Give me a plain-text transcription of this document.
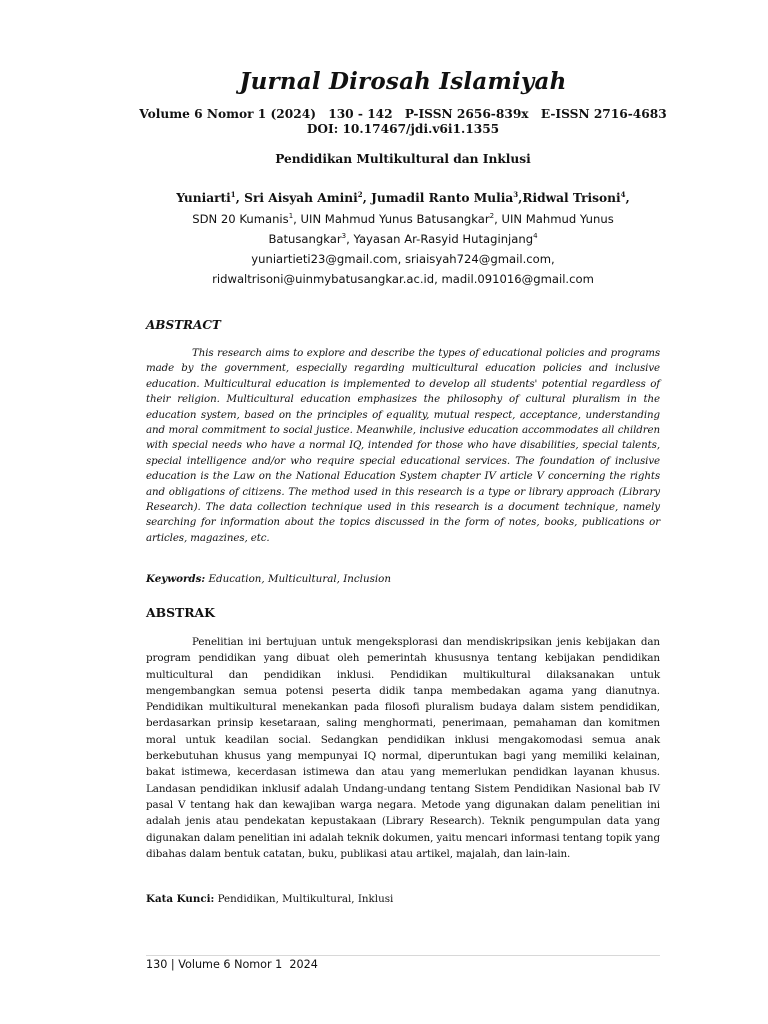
Jurnal Dirosah Islamiyah
Volume 6 Nomor 1 (2024) 130 - 142 P-ISSN 2656-839x E-ISSN 2716-4683
DOI: 10.17467/jdi.v6i1.1355
Pendidikan Multikultural dan Inklusi
Yuniarti$^1$, Sri Aisyah Amini$^2$, Jumadil Ranto Mulia$^3$,Ridwal Trisoni$^4$,
SDN 20 Kumanis$^1$, UIN Mahmud Yunus Batusangkar$^2$, UIN Mahmud Yunus
Batusangkar$^3$, Yayasan Ar-Rasyid Hutaginjang$^4$
yuniartieti23@gmail.com, sriaisyah724@gmail.com,
ridwaltrisoni@uinmybatusangkar.ac.id, madil.091016@gmail.com
ABSTRACT
This research aims to explore and describe the types of educational policies and programs made by the government, especially regarding multicultural education policies and inclusive education. Multicultural education is implemented to develop all students' potential regardless of their religion. Multicultural education emphasizes the philosophy of cultural pluralism in the education system, based on the principles of equality, mutual respect, acceptance, understanding and moral commitment to social justice. Meanwhile, inclusive education accommodates all children with special needs who have a normal IQ, intended for those who have disabilities, special talents, special intelligence and/or who require special educational services. The foundation of inclusive education is the Law on the National Education System chapter IV article V concerning the rights and obligations of citizens. The method used in this research is a type or library approach (Library Research). The data collection technique used in this research is a document technique, namely searching for information about the topics discussed in the form of notes, books, publications or articles, magazines, etc.
Keywords: Education, Multicultural, Inclusion
ABSTRAK
Penelitian ini bertujuan untuk mengeksplorasi dan mendiskripsikan jenis kebijakan dan program pendidikan yang dibuat oleh pemerintah khususnya tentang kebijakan pendidikan multicultural dan pendidikan inklusi. Pendidikan multikultural dilaksanakan untuk mengembangkan semua potensi peserta didik tanpa membedakan agama yang dianutnya. Pendidikan multikultural menekankan pada filosofi pluralism budaya dalam sistem pendidikan, berdasarkan prinsip kesetaraan, saling menghormati, penerimaan, pemahaman dan komitmen moral untuk keadilan social. Sedangkan pendidikan inklusi mengakomodasi semua anak berkebutuhan khusus yang mempunyai IQ normal, diperuntukan bagi yang memiliki kelainan, bakat istimewa, kecerdasan istimewa dan atau yang memerlukan pendidkan layanan khusus. Landasan pendidikan inklusif adalah Undang-undang tentang Sistem Pendidikan Nasional bab IV pasal V tentang hak dan kewajiban warga negara. Metode yang digunakan dalam penelitian ini adalah jenis atau pendekatan kepustakaan (Library Research). Teknik pengumpulan data yang digunakan dalam penelitian ini adalah teknik dokumen, yaitu mencari informasi tentang topik yang dibahas dalam bentuk catatan, buku, publikasi atau artikel, majalah, dan lain-lain.
Kata Kunci: Pendidikan, Multikultural, Inklusi
130 | Volume 6 Nomor 1  2024
